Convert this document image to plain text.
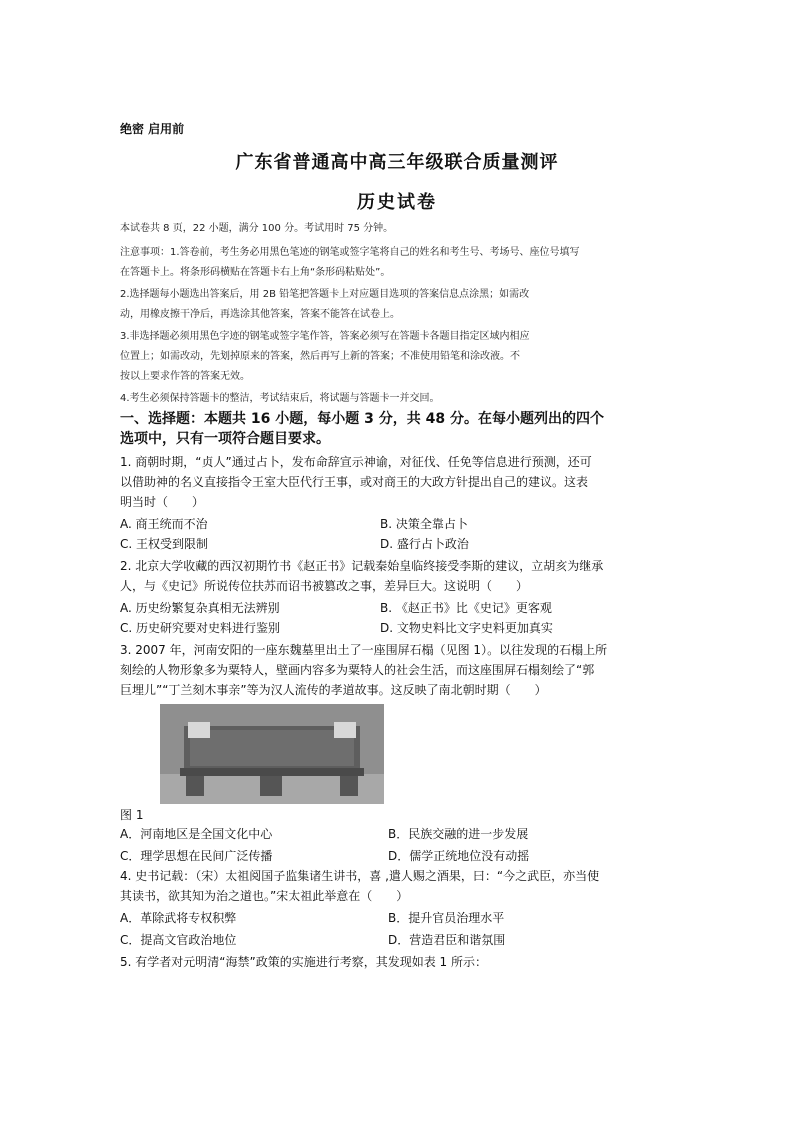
绝密 启用前
广东省普通高中高三年级联合质量测评
历史试卷
本试卷共 8 页，22 小题，满分 100 分。考试用时 75 分钟。
注意事项：1.答卷前，考生务必用黑色笔迹的钢笔或签字笔将自己的姓名和考生号、考场号、座位号填写
在答题卡上。将条形码横贴在答题卡右上角“条形码粘贴处”。
2.选择题每小题选出答案后，用 2B 铅笔把答题卡上对应题目选项的答案信息点涂黑；如需改
动，用橡皮擦干净后，再选涂其他答案，答案不能答在试卷上。
3.非选择题必须用黑色字迹的钢笔或签字笔作答，答案必须写在答题卡各题目指定区域内相应
位置上；如需改动，先划掉原来的答案，然后再写上新的答案；不准使用铅笔和涂改液。不
按以上要求作答的答案无效。
4.考生必须保持答题卡的整洁，考试结束后，将试题与答题卡一并交回。
一、选择题：本题共 16 小题，每小题 3 分，共 48 分。在每小题列出的四个
选项中，只有一项符合题目要求。
1. 商朝时期，“贞人”通过占卜，发布命辞宣示神谕，对征伐、任免等信息进行预测，还可
以借助神的名义直接指令王室大臣代行王事，或对商王的大政方针提出自己的建议。这表
明当时（　　）
A. 商王统而不治	B. 决策全靠占卜
C. 王权受到限制	D. 盛行占卜政治
2. 北京大学收藏的西汉初期竹书《赵正书》记载秦始皇临终接受李斯的建议，立胡亥为继承
人，与《史记》所说传位扶苏而诏书被篡改之事，差异巨大。这说明（　　）
A. 历史纷繁复杂真相无法辨别	B. 《赵正书》比《史记》更客观
C. 历史研究要对史料进行鉴别	D. 文物史料比文字史料更加真实
3. 2007 年，河南安阳的一座东魏墓里出土了一座围屏石榻（见图 1）。以往发现的石榻上所
刻绘的人物形象多为粟特人，壁画内容多为粟特人的社会生活，而这座围屏石榻刻绘了“郭
巨埋儿”“丁兰刻木事亲”等为汉人流传的孝道故事。这反映了南北朝时期（　　）
图 1
A．河南地区是全国文化中心	B．民族交融的进一步发展
C．理学思想在民间广泛传播	D．儒学正统地位没有动摇
4. 史书记载：（宋）太祖阅国子监集诸生讲书，喜 ,遣人赐之酒果，曰：“今之武臣，亦当使
其读书，欲其知为治之道也。”宋太祖此举意在（　　）
A．革除武将专权积弊	B．提升官员治理水平
C．提高文官政治地位	D．营造君臣和谐氛围
5. 有学者对元明清“海禁”政策的实施进行考察，其发现如表 1 所示：
